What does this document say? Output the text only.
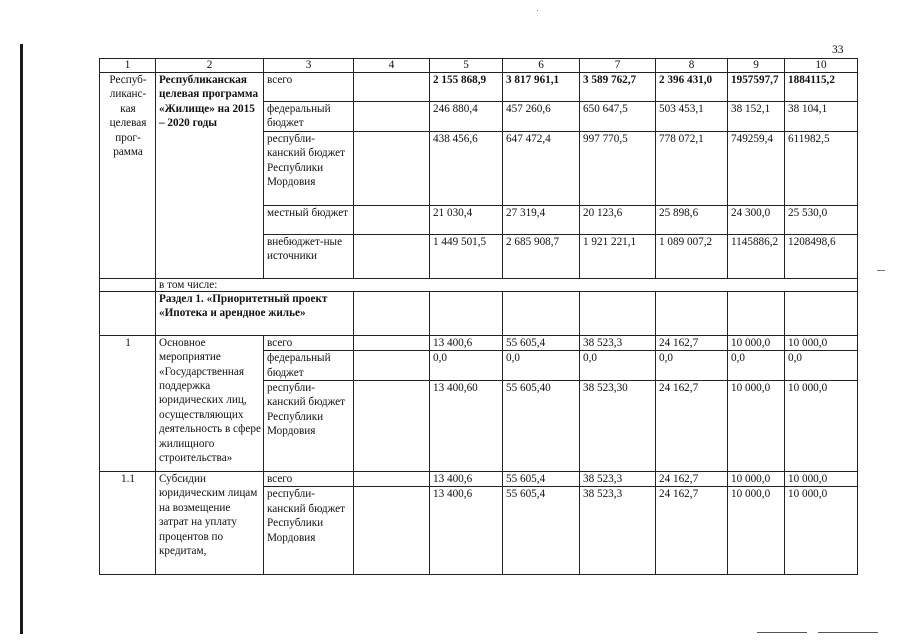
33
1	2	3	4	5	6	7	8	9	10
Респуб-ликанс-кая целевая прог-рамма	Республиканская целевая программа «Жилище» на 2015 – 2020 годы	всего		2 155 868,9	3 817 961,1	3 589 762,7	2 396 431,0	1957597,7	1884115,2
		федеральный бюджет		246 880,4	457 260,6	650 647,5	503 453,1	38 152,1	38 104,1
		республи-канский бюджет Республики Мордовия		438 456,6	647 472,4	997 770,5	778 072,1	749259,4	611982,5
		местный бюджет		21 030,4	27 319,4	20 123,6	25 898,6	24 300,0	25 530,0
		внебюджет-ные источники		1 449 501,5	2 685 908,7	1 921 221,1	1 089 007,2	1145886,2	1208498,6
	в том числе:								
	Раздел 1. «Приоритетный проект «Ипотека и арендное жилье»								
1	Основное мероприятие «Государственная поддержка юридических лиц, осуществляющих деятельность в сфере жилищного строительства»	всего		13 400,6	55 605,4	38 523,3	24 162,7	10 000,0	10 000,0
		федеральный бюджет		0,0	0,0	0,0	0,0	0,0	0,0
		республи-канский бюджет Республики Мордовия		13 400,60	55 605,40	38 523,30	24 162,7	10 000,0	10 000,0
1.1	Субсидии юридическим лицам на возмещение затрат на уплату процентов по кредитам,	всего		13 400,6	55 605,4	38 523,3	24 162,7	10 000,0	10 000,0
		республи-канский бюджет Республики Мордовия		13 400,6	55 605,4	38 523,3	24 162,7	10 000,0	10 000,0
